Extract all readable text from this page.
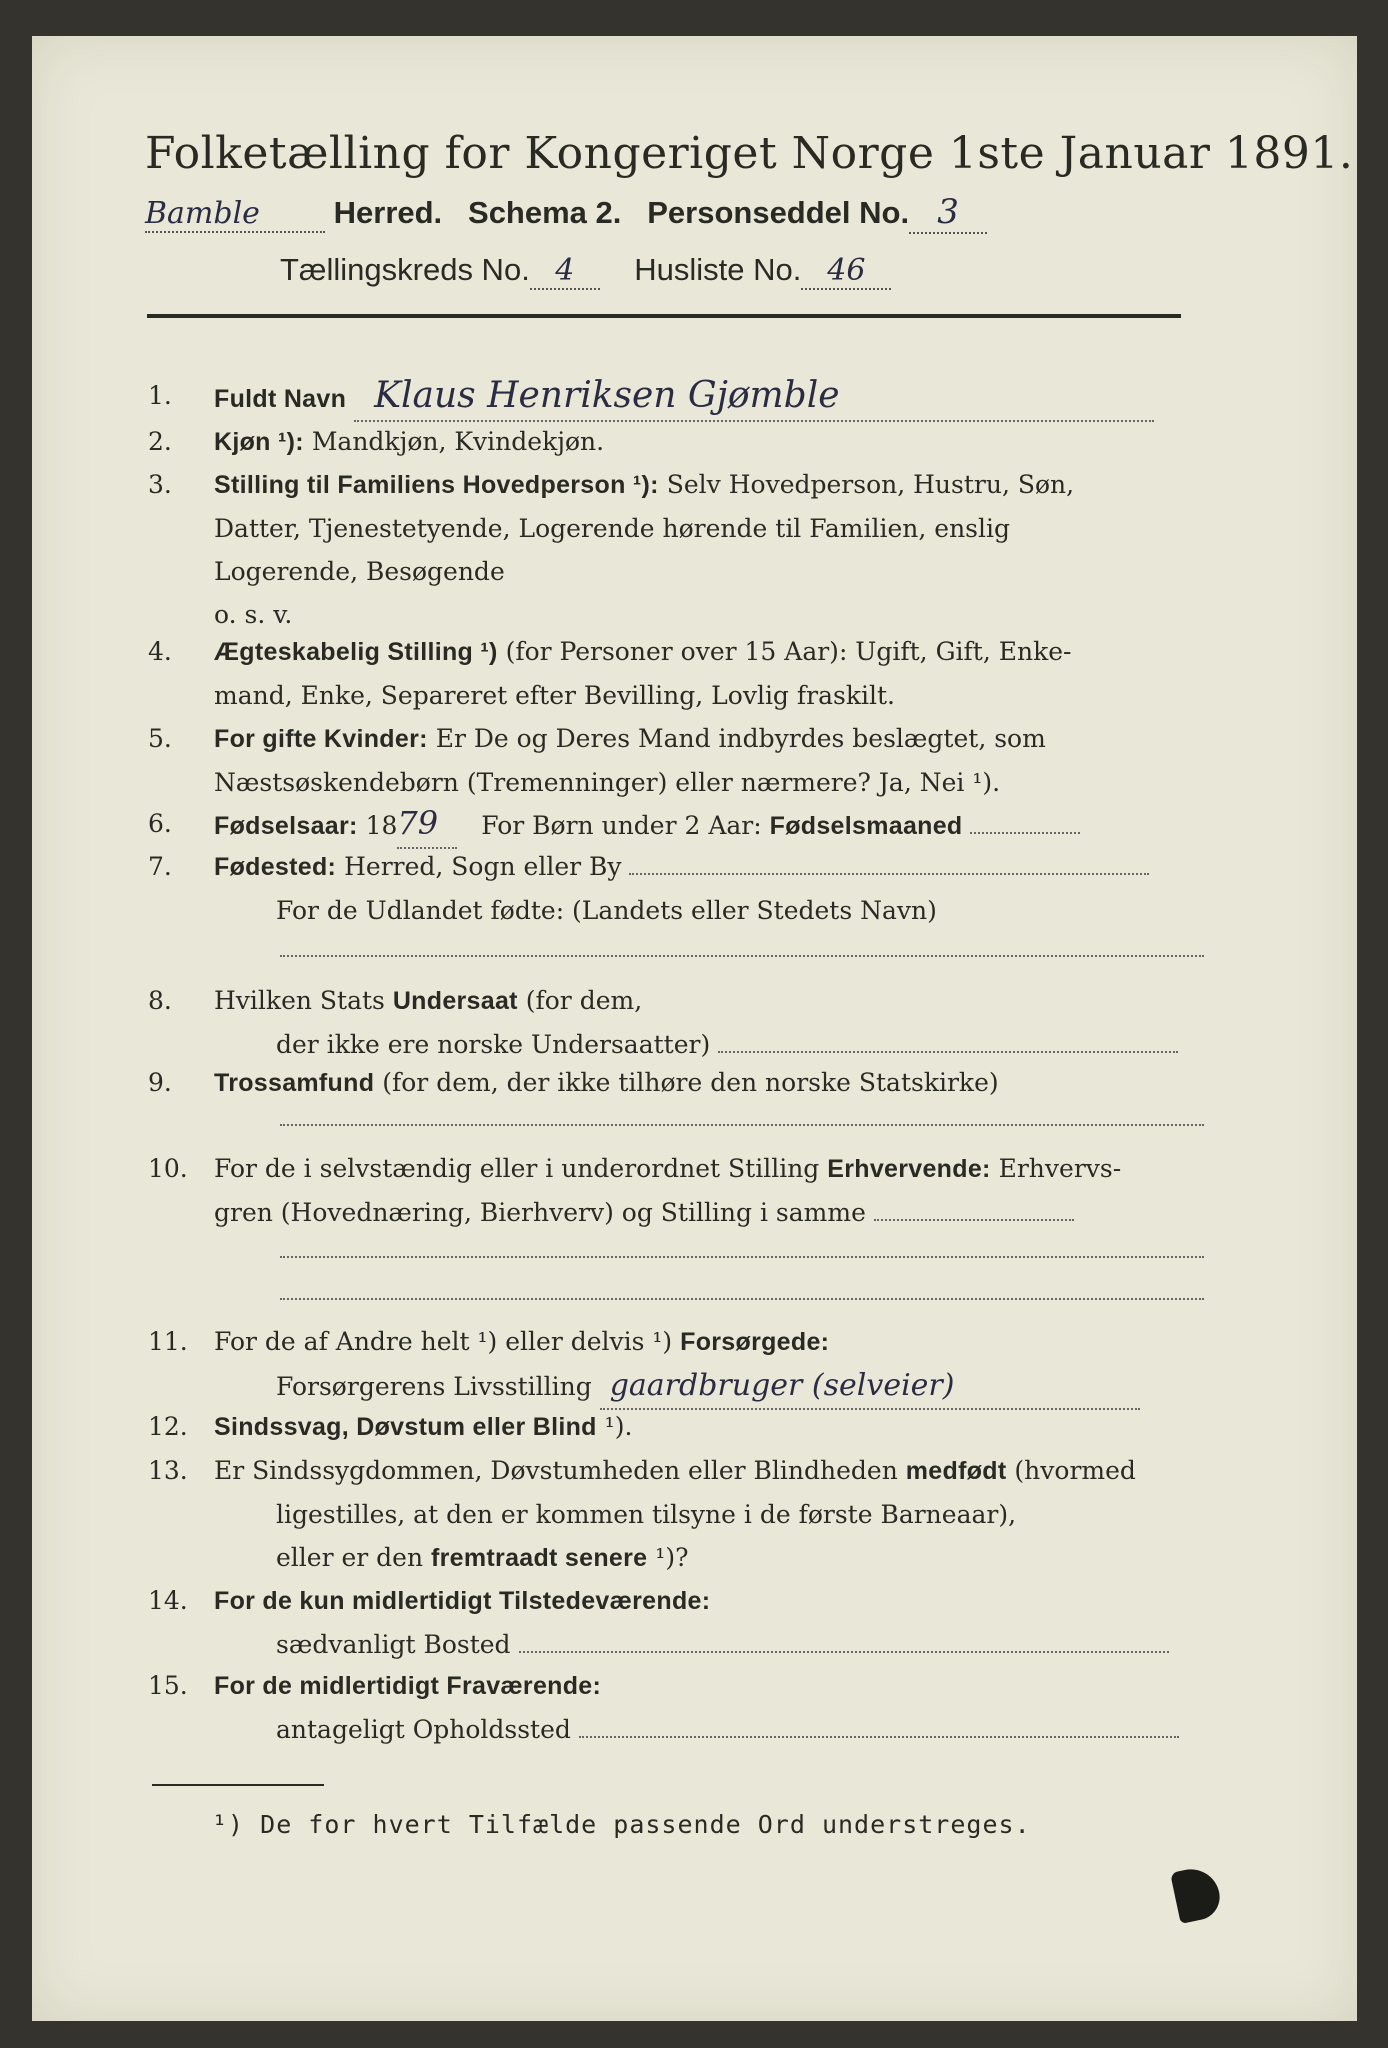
Folketælling for Kongeriget Norge 1ste Januar 1891.
Bamble Herred. Schema 2. Personseddel No. 3
Tællingskreds No. 4 Husliste No. 46
1.	Fuldt Navn Klaus Henriksen Gjømble
2.	Kjøn ¹): Mandkjøn, Kvindekjøn.
3.	Stilling til Familiens Hovedperson ¹): Selv Hovedperson, Hustru, Søn,
Datter, Tjenestetyende, Logerende hørende til Familien, enslig
Logerende, Besøgende
o. s. v.
4.	Ægteskabelig Stilling ¹) (for Personer over 15 Aar): Ugift, Gift, Enke-
mand, Enke, Separeret efter Bevilling, Lovlig fraskilt.
5.	For gifte Kvinder: Er De og Deres Mand indbyrdes beslægtet, som
Næstsøskendebørn (Tremenninger) eller nærmere? Ja, Nei ¹).
6.	Fødselsaar: 1879 For Børn under 2 Aar: Fødselsmaaned
7.	Fødested: Herred, Sogn eller By
For de Udlandet fødte: (Landets eller Stedets Navn)
8.	Hvilken Stats Undersaat (for dem,
der ikke ere norske Undersaatter)
9.	Trossamfund (for dem, der ikke tilhøre den norske Statskirke)
10.	For de i selvstændig eller i underordnet Stilling Erhvervende: Erhvervs-
gren (Hovednæring, Bierhverv) og Stilling i samme
11.	For de af Andre helt ¹) eller delvis ¹) Forsørgede:
Forsørgerens Livsstilling gaardbruger (selveier)
12.	Sindssvag, Døvstum eller Blind ¹).
13.	Er Sindssygdommen, Døvstumheden eller Blindheden medfødt (hvormed
ligestilles, at den er kommen tilsyne i de første Barneaar),
eller er den fremtraadt senere ¹)?
14.	For de kun midlertidigt Tilstedeværende:
sædvanligt Bosted
15.	For de midlertidigt Fraværende:
antageligt Opholdssted
¹) De for hvert Tilfælde passende Ord understreges.
